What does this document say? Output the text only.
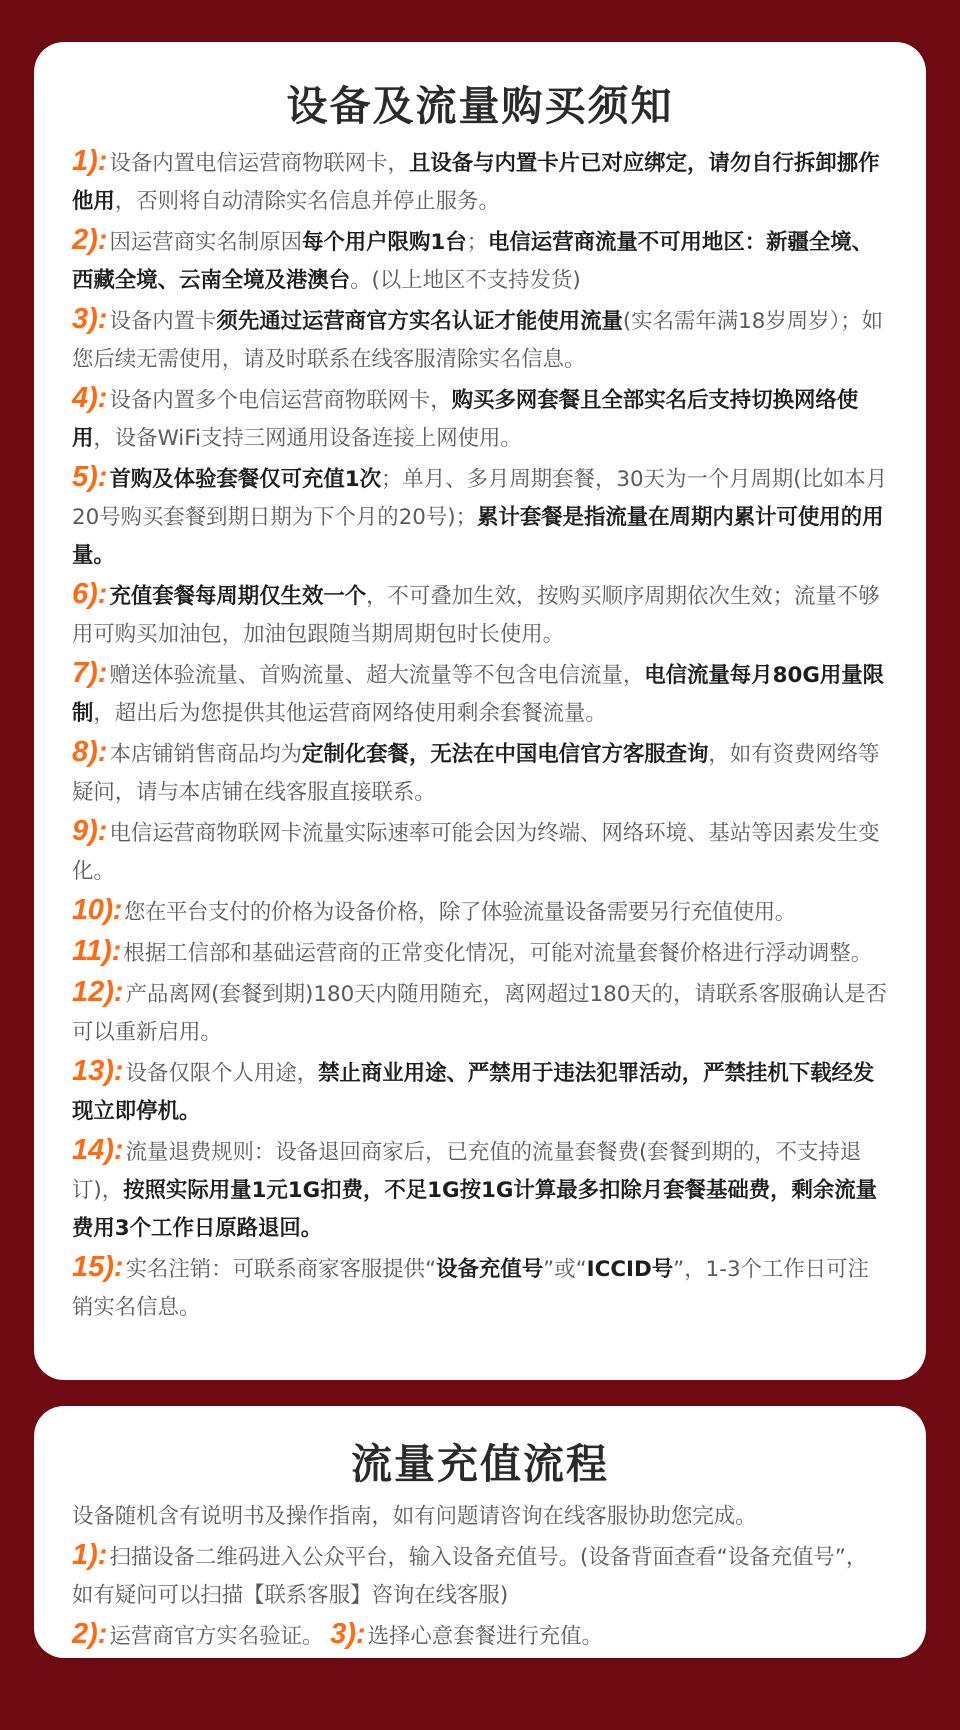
设备及流量购买须知

1):设备内置电信运营商物联网卡，且设备与内置卡片已对应绑定，请勿自行拆卸挪作他用，否则将自动清除实名信息并停止服务。

2):因运营商实名制原因每个用户限购1台；电信运营商流量不可用地区：新疆全境、西藏全境、云南全境及港澳台。(以上地区不支持发货)

3):设备内置卡须先通过运营商官方实名认证才能使用流量(实名需年满18岁周岁）；如您后续无需使用，请及时联系在线客服清除实名信息。

4):设备内置多个电信运营商物联网卡，购买多网套餐且全部实名后支持切换网络使用，设备WiFi支持三网通用设备连接上网使用。

5):首购及体验套餐仅可充值1次；单月、多月周期套餐，30天为一个月周期(比如本月20号购买套餐到期日期为下个月的20号)；累计套餐是指流量在周期内累计可使用的用量。

6):充值套餐每周期仅生效一个，不可叠加生效，按购买顺序周期依次生效；流量不够用可购买加油包，加油包跟随当期周期包时长使用。

7):赠送体验流量、首购流量、超大流量等不包含电信流量，电信流量每月80G用量限制，超出后为您提供其他运营商网络使用剩余套餐流量。

8):本店铺销售商品均为定制化套餐，无法在中国电信官方客服查询，如有资费网络等疑问，请与本店铺在线客服直接联系。

9):电信运营商物联网卡流量实际速率可能会因为终端、网络环境、基站等因素发生变化。

10):您在平台支付的价格为设备价格，除了体验流量设备需要另行充值使用。

11):根据工信部和基础运营商的正常变化情况，可能对流量套餐价格进行浮动调整。

12):产品离网(套餐到期)180天内随用随充，离网超过180天的，请联系客服确认是否可以重新启用。

13):设备仅限个人用途，禁止商业用途、严禁用于违法犯罪活动，严禁挂机下载经发现立即停机。

14):流量退费规则：设备退回商家后，已充值的流量套餐费(套餐到期的，不支持退订)，按照实际用量1元1G扣费，不足1G按1G计算最多扣除月套餐基础费，剩余流量费用3个工作日原路退回。

15):实名注销：可联系商家客服提供“设备充值号”或“ICCID号”，1-3个工作日可注销实名信息。

流量充值流程

设备随机含有说明书及操作指南，如有问题请咨询在线客服协助您完成。

1):扫描设备二维码进入公众平台，输入设备充值号。(设备背面查看“设备充值号”，如有疑问可以扫描【联系客服】咨询在线客服)

2):运营商官方实名验证。 3):选择心意套餐进行充值。
